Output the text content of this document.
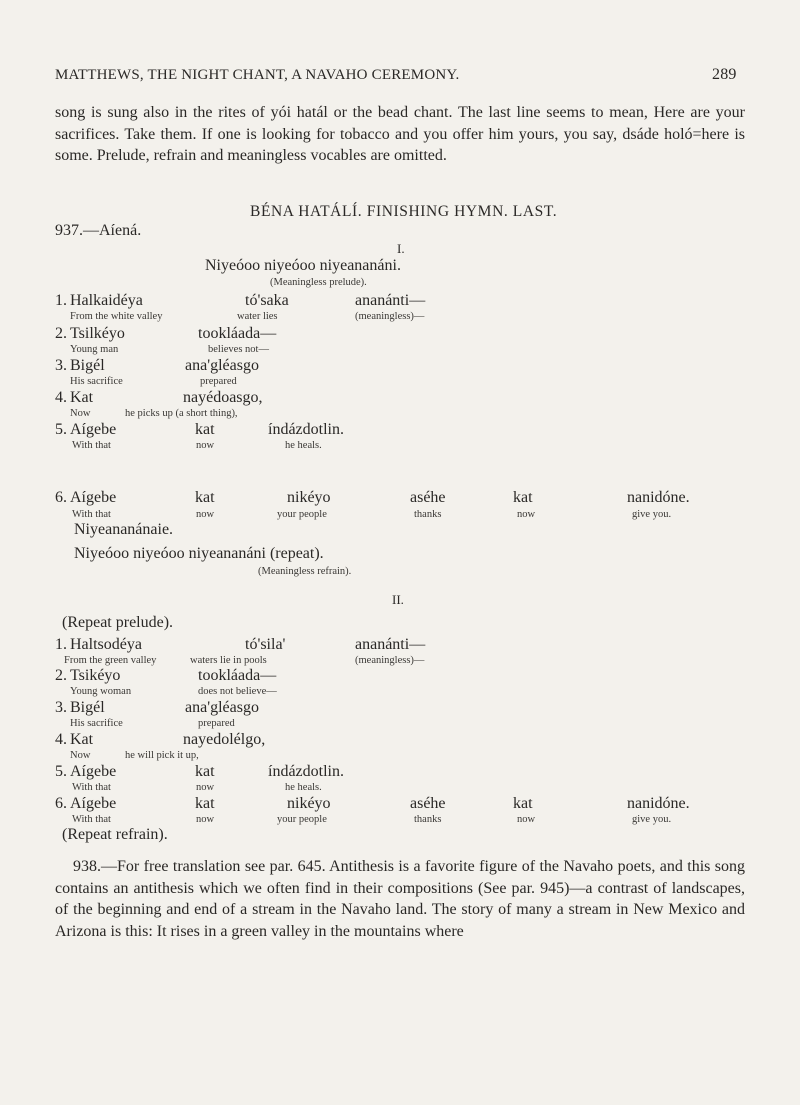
MATTHEWS, THE NIGHT CHANT, A NAVAHO CEREMONY.	289
song is sung also in the rites of yói hatál or the bead chant. The last line seems to mean, Here are your sacrifices. Take them. If one is looking for tobacco and you offer him yours, you say, dsáde holó=here is some. Prelude, refrain and meaningless vocables are omitted.
BÉNA HATÁLÍ. FINISHING HYMN. LAST.
937.—Aíená.
I.
Niyeóoo niyeóoo niyeananáni.
(Meaningless prelude).
1. Halkaidéya	tó'saka	ananánti—
From the white valley	water lies	(meaningless)—
2. Tsilkéyo	tookláada—
Young man	believes not—
3. Bigél	ana'gléasgo
His sacrifice	prepared
4. Kat	nayédoasgo,
Now	he picks up (a short thing),
5. Aígebe	kat	índázdotlin.
With that	now	he heals.
6. Aígebe	kat	nikéyo	aséhe	kat	nanidóne.
With that	now	your people	thanks	now	give you.
Niyeananánaie.
Niyeóoo niyeóoo niyeananáni (repeat).
(Meaningless refrain).
II.
(Repeat prelude).
1. Haltsodéya	tó'sila'	ananánti—
From the green valley	waters lie in pools	(meaningless)—
2. Tsikéyo	tookláada—
Young woman	does not believe—
3. Bigél	ana'gléasgo
His sacrifice	prepared
4. Kat	nayedolélgo,
Now	he will pick it up,
5. Aígebe	kat	índázdotlin.
With that	now	he heals.
6. Aígebe	kat	nikéyo	aséhe	kat	nanidóne.
With that	now	your people	thanks	now	give you.
(Repeat refrain).
938.—For free translation see par. 645. Antithesis is a favorite figure of the Navaho poets, and this song contains an antithesis which we often find in their compositions (See par. 945)—a contrast of landscapes, of the beginning and end of a stream in the Navaho land. The story of many a stream in New Mexico and Arizona is this: It rises in a green valley in the mountains where
